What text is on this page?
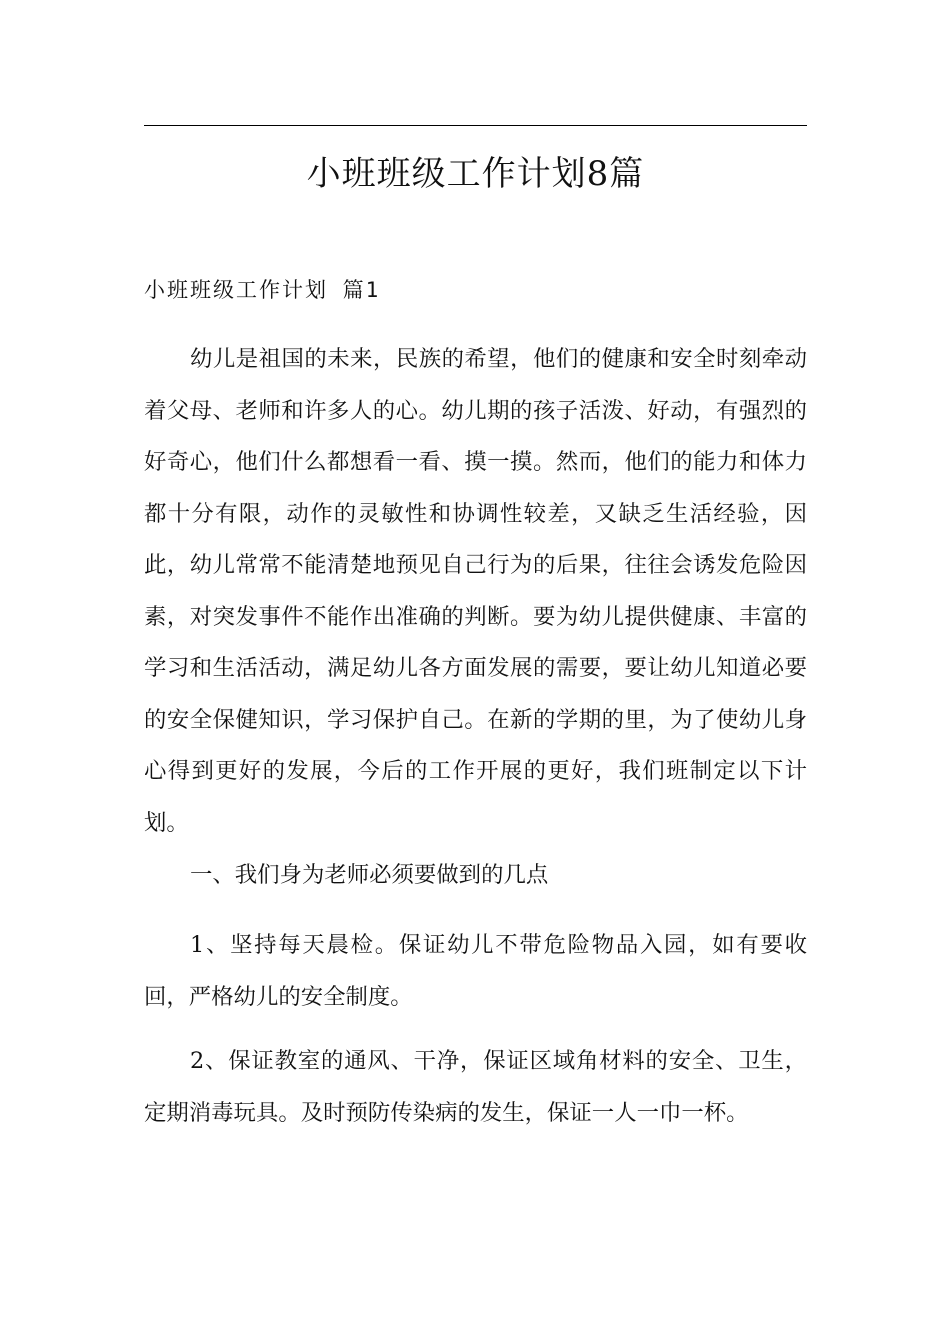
小班班级工作计划8篇
小班班级工作计划 篇1

幼儿是祖国的未来，民族的希望，他们的健康和安全时刻牵动着父母、老师和许多人的心。幼儿期的孩子活泼、好动，有强烈的好奇心，他们什么都想看一看、摸一摸。然而，他们的能力和体力都十分有限，动作的灵敏性和协调性较差，又缺乏生活经验，因此，幼儿常常不能清楚地预见自己行为的后果，往往会诱发危险因素，对突发事件不能作出准确的判断。要为幼儿提供健康、丰富的学习和生活活动，满足幼儿各方面发展的需要，要让幼儿知道必要的安全保健知识，学习保护自己。在新的学期的里，为了使幼儿身心得到更好的发展，今后的工作开展的更好，我们班制定以下计划。

一、我们身为老师必须要做到的几点

1、坚持每天晨检。保证幼儿不带危险物品入园，如有要收回，严格幼儿的安全制度。

2、保证教室的通风、干净，保证区域角材料的安全、卫生，定期消毒玩具。及时预防传染病的发生，保证一人一巾一杯。
